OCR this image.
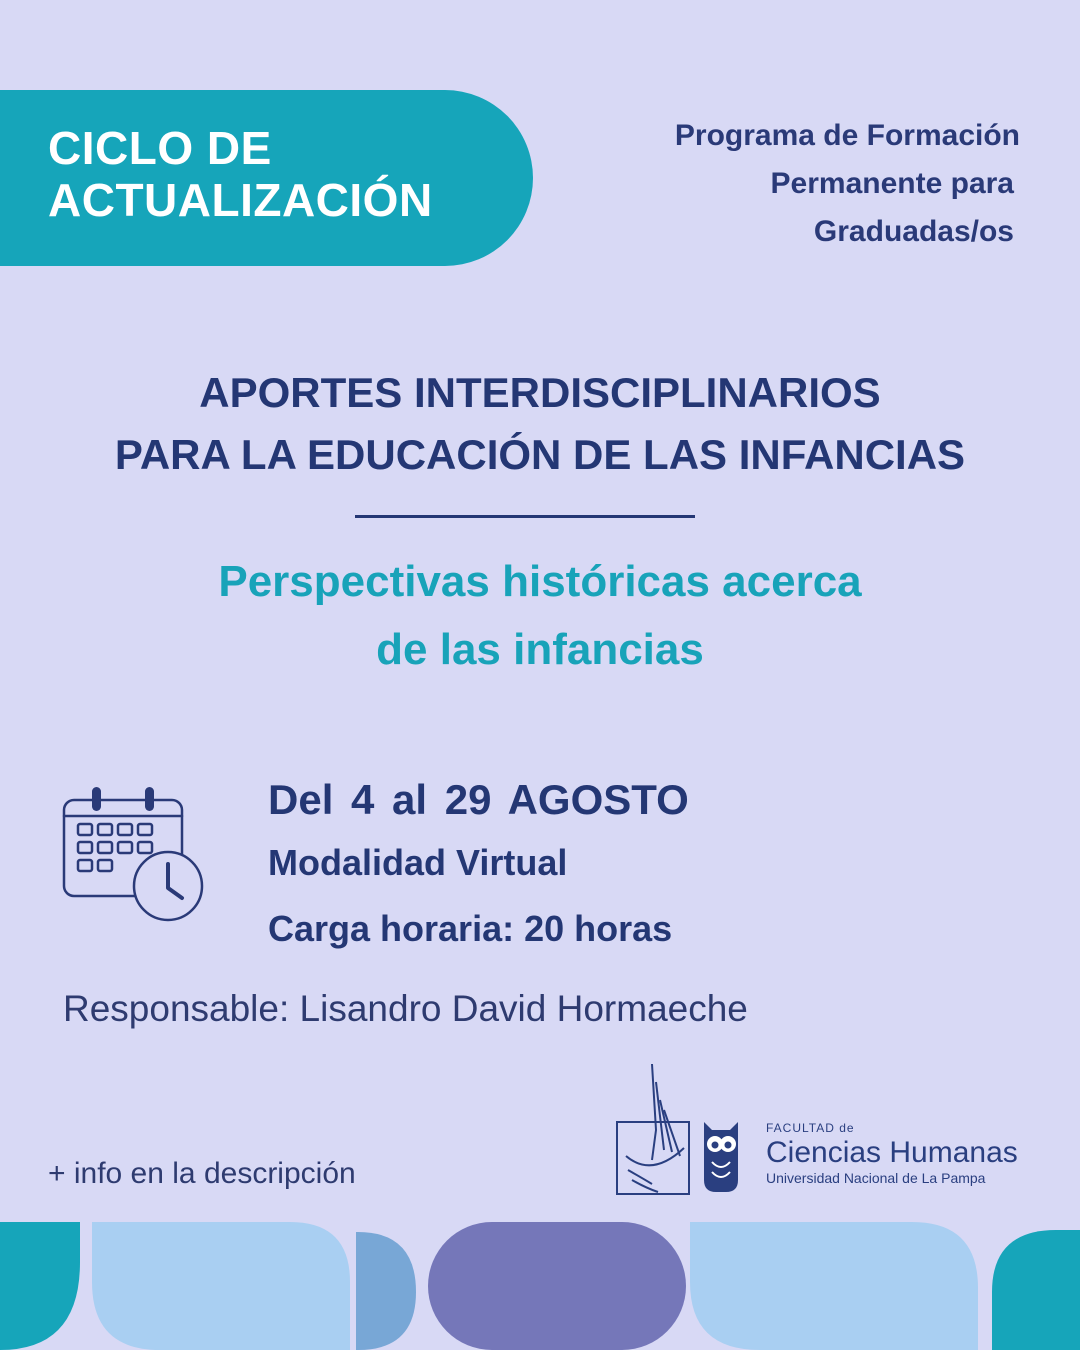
CICLO DE
ACTUALIZACIÓN
Programa de Formación
Permanente para
Graduadas/os
APORTES INTERDISCIPLINARIOS
PARA LA EDUCACIÓN DE LAS INFANCIAS
Perspectivas históricas acerca
de las infancias
Del 4 al 29 AGOSTO
Modalidad Virtual
Carga horaria: 20 horas
Responsable: Lisandro David Hormaeche
+ info en la descripción
FACULTAD de
Ciencias Humanas
Universidad Nacional de La Pampa
